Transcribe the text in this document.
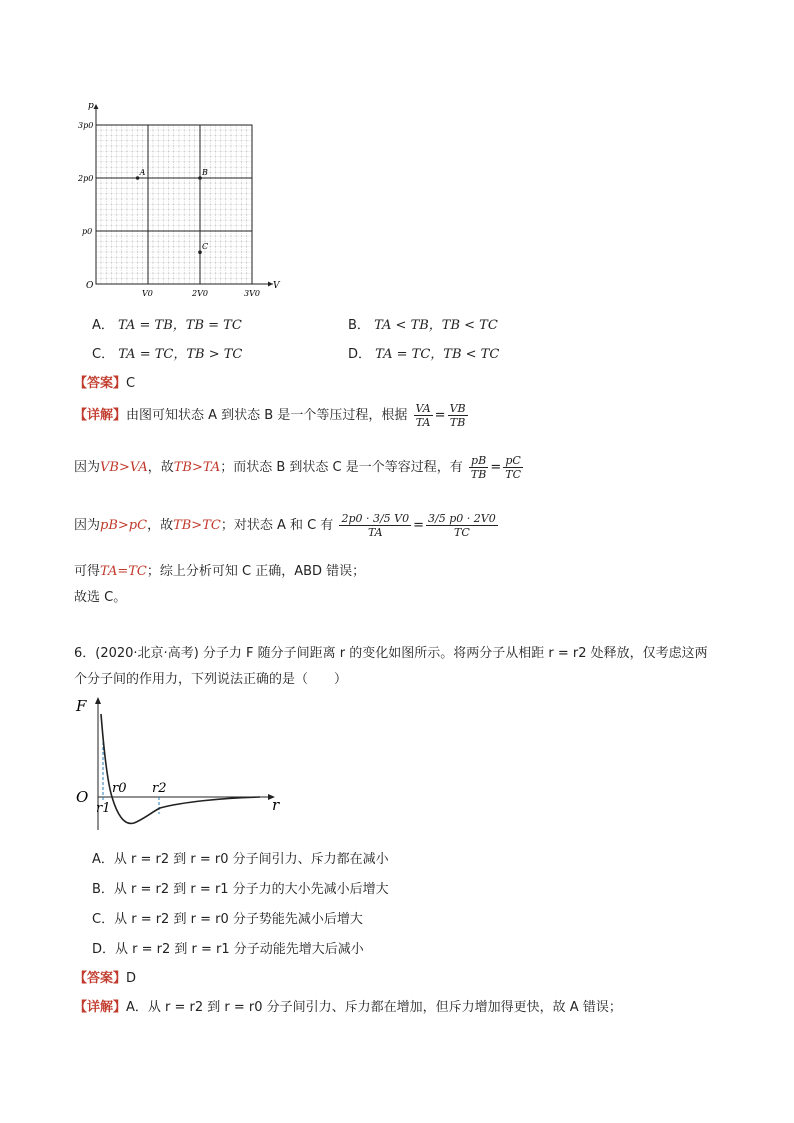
p
V
O
3p0
2p0
p0
V0	2V0	3V0
A	B
C
A． TA = TB，TB = TC	B． TA < TB，TB < TC
C． TA = TC，TB > TC	D． TA = TC，TB < TC
【答案】C
【详解】由图可知状态 A 到状态 B 是一个等压过程，根据 $\frac{VA}{TA} = \frac{VB}{TB}$
因为VB>VA，故TB>TA；而状态 B 到状态 C 是一个等容过程，有 $\frac{pB}{TB} = \frac{pC}{TC}$
因为pB>pC，故TB>TC；对状态 A 和 C 有 $\frac{2p0 \cdot 3/5 V0}{TA} = \frac{3/5 p0 \cdot 2V0}{TC}$
可得TA=TC；综上分析可知 C 正确，ABD 错误；
故选 C。
6．(2020·北京·高考) 分子力 F 随分子间距离 r 的变化如图所示。将两分子从相距 r = r2 处释放，仅考虑这两
个分子间的作用力，下列说法正确的是（　　）
F
O	r
r0
r1
r2
A．从 r = r2 到 r = r0 分子间引力、斥力都在减小
B．从 r = r2 到 r = r1 分子力的大小先减小后增大
C．从 r = r2 到 r = r0 分子势能先减小后增大
D．从 r = r2 到 r = r1 分子动能先增大后减小
【答案】D
【详解】A．从 r = r2 到 r = r0 分子间引力、斥力都在增加，但斥力增加得更快，故 A 错误；
